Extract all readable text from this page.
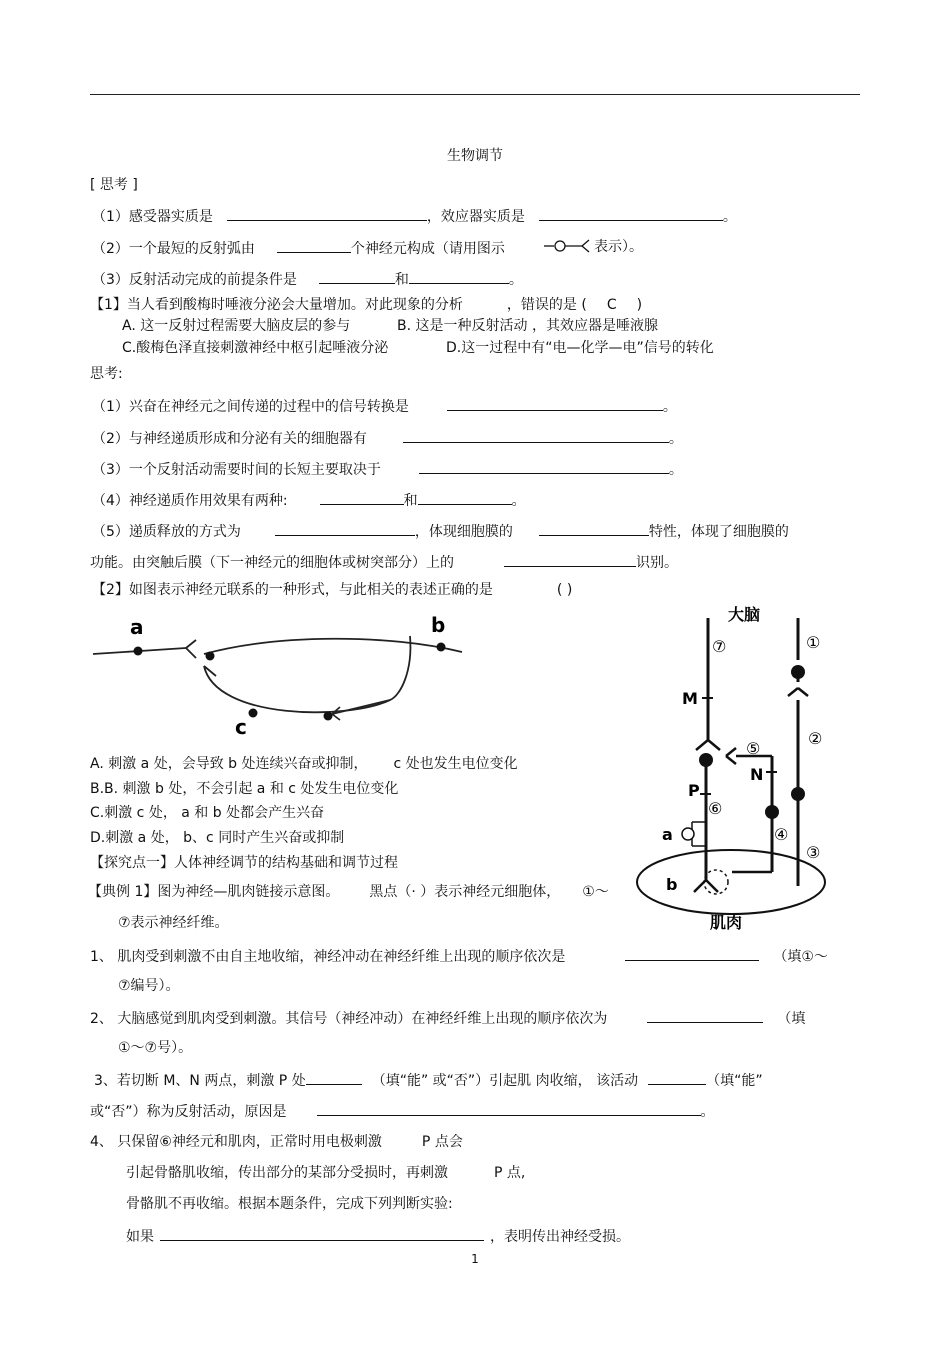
生物调节
[ 思考 ]
（1）感受器实质是	，效应器实质是	。
（2）一个最短的反射弧由	个神经元构成（请用图示	表示）。
（3）反射活动完成的前提条件是	和	。
【1】当人看到酸梅时唾液分泌会大量增加。对此现象的分析	，错误的是 ( C )
A. 这一反射过程需要大脑皮层的参与	B. 这是一种反射活动 ，其效应器是唾液腺
C.酸梅色泽直接刺激神经中枢引起唾液分泌	D.这一过程中有“电—化学—电”信号的转化
思考:
（1）兴奋在神经元之间传递的过程中的信号转换是	。
（2）与神经递质形成和分泌有关的细胞器有	。
（3）一个反射活动需要时间的长短主要取决于	。
（4）神经递质作用效果有两种:	和	。
（5）递质释放的方式为	，体现细胞膜的	特性，体现了细胞膜的
功能。由突触后膜（下一神经元的细胞体或树突部分）上的	识别。
【2】如图表示神经元联系的一种形式，与此相关的表述正确的是	( )
a	b
c
A. 刺激 a 处，会导致 b 处连续兴奋或抑制， c 处也发生电位变化
B.B. 刺激 b 处，不会引起 a 和 c 处发生电位变化
C.刺激 c 处， a 和 b 处都会产生兴奋
D.刺激 a 处， b、c 同时产生兴奋或抑制
【探究点一】人体神经调节的结构基础和调节过程
【典例 1】图为神经—肌肉链接示意图。 黑点（· ）表示神经元细胞体， ①～
⑦表示神经纤维。
大脑
肌肉
⑦	①
②
③
④
⑤
⑥
M
N
P
a
b
1、 肌肉受到刺激不由自主地收缩，神经冲动在神经纤维上出现的顺序依次是	（填①～
⑦编号）。
2、 大脑感觉到肌肉受到刺激。其信号（神经冲动）在神经纤维上出现的顺序依次为	（填
①～⑦号）。
3、若切断 M、N 两点，刺激 P 处	（填“能” 或“否”）引起肌 肉收缩， 该活动	（填“能”
或“否”）称为反射活动，原因是	。
4、 只保留⑥神经元和肌肉，正常时用电极刺激	P 点会
引起骨骼肌收缩，传出部分的某部分受损时，再刺激	P 点,
骨骼肌不再收缩。根据本题条件，完成下列判断实验:
如果	，表明传出神经受损。
1
